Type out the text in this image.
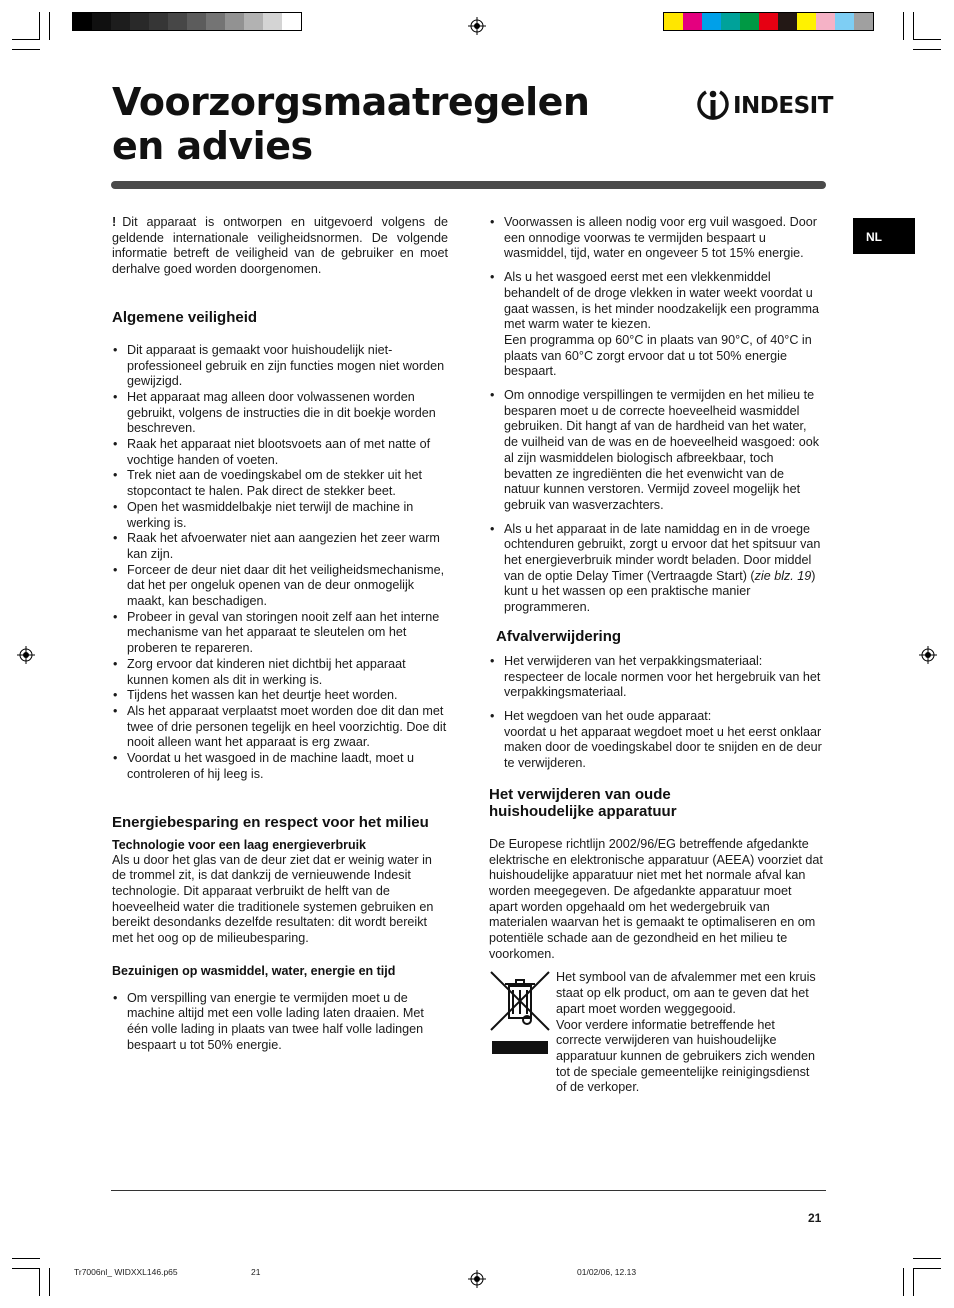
Voorzorgsmaatregelen
en advies
INDESIT
NL

! Dit apparaat is ontworpen en uitgevoerd volgens de geldende internationale veiligheidsnormen. De volgende informatie betreft de veiligheid van de gebruiker en moet derhalve goed worden doorgenomen.

Algemene veiligheid
• Dit apparaat is gemaakt voor huishoudelijk niet-professioneel gebruik en zijn functies mogen niet worden gewijzigd.
• Het apparaat mag alleen door volwassenen worden gebruikt, volgens de instructies die in dit boekje worden beschreven.
• Raak het apparaat niet blootsvoets aan of met natte of vochtige handen of voeten.
• Trek niet aan de voedingskabel om de stekker uit het stopcontact te halen. Pak direct de stekker beet.
• Open het wasmiddelbakje niet terwijl de machine in werking is.
• Raak het afvoerwater niet aan aangezien het zeer warm kan zijn.
• Forceer de deur niet daar dit het veiligheidsmechanisme, dat het per ongeluk openen van de deur onmogelijk maakt, kan beschadigen.
• Probeer in geval van storingen nooit zelf aan het interne mechanisme van het apparaat te sleutelen om het proberen te repareren.
• Zorg ervoor dat kinderen niet dichtbij het apparaat kunnen komen als dit in werking is.
• Tijdens het wassen kan het deurtje heet worden.
• Als het apparaat verplaatst moet worden doe dit dan met twee of drie personen tegelijk en heel voorzichtig. Doe dit nooit alleen want het apparaat is erg zwaar.
• Voordat u het wasgoed in de machine laadt, moet u controleren of hij leeg is.
Energiebesparing en respect voor het milieu
Technologie voor een laag energieverbruik

Als u door het glas van de deur ziet dat er weinig water in de trommel zit, is dat dankzij de vernieuwende Indesit technologie. Dit apparaat verbruikt de helft van de hoeveelheid water die traditionele systemen gebruiken en bereikt desondanks dezelfde resultaten: dit wordt bereikt met het oog op de milieubesparing.

Bezuinigen op wasmiddel, water, energie en tijd
• Om verspilling van energie te vermijden moet u de machine altijd met een volle lading laten draaien. Met één volle lading in plaats van twee half volle ladingen bespaart u tot 50% energie.
• Voorwassen is alleen nodig voor erg vuil wasgoed. Door een onnodige voorwas te vermijden bespaart u wasmiddel, tijd, water en ongeveer 5 tot 15% energie.
• Als u het wasgoed eerst met een vlekkenmiddel behandelt of de droge vlekken in water weekt voordat u gaat wassen, is het minder noodzakelijk een programma met warm water te kiezen.
Een programma op 60°C in plaats van 90°C, of 40°C in plaats van 60°C zorgt ervoor dat u tot 50% energie bespaart.
• Om onnodige verspillingen te vermijden en het milieu te besparen moet u de correcte hoeveelheid wasmiddel gebruiken. Dit hangt af van de hardheid van het water, de vuilheid van de was en de hoeveelheid wasgoed: ook al zijn wasmiddelen biologisch afbreekbaar, toch bevatten ze ingrediënten die het evenwicht van de natuur kunnen verstoren. Vermijd zoveel mogelijk het gebruik van wasverzachters.
• Als u het apparaat in de late namiddag en in de vroege ochtenduren gebruikt, zorgt u ervoor dat het spitsuur van het energieverbruik minder wordt beladen. Door middel van de optie Delay Timer (Vertraagde Start) (zie blz. 19) kunt u het wassen op een praktische manier programmeren.
Afvalverwijdering
• Het verwijderen van het verpakkingsmateriaal:
respecteer de locale normen voor het hergebruik van het verpakkingsmateriaal.
• Het wegdoen van het oude apparaat:
voordat u het apparaat wegdoet moet u het eerst onklaar maken door de voedingskabel door te snijden en de deur te verwijderen.
Het verwijderen van oude
huishoudelijke apparatuur

De Europese richtlijn 2002/96/EG betreffende afgedankte elektrische en elektronische apparatuur (AEEA) voorziet dat huishoudelijke apparatuur niet met het normale afval kan worden meegegeven. De afgedankte apparatuur moet apart worden opgehaald om het wedergebruik van materialen waarvan het is gemaakt te optimaliseren en om potentiële schade aan de gezondheid en het milieu te voorkomen.

Het symbool van de afvalemmer met een kruis staat op elk product, om aan te geven dat het apart moet worden weggegooid.

Voor verdere informatie betreffende het correcte verwijderen van huishoudelijke apparatuur kunnen de gebruikers zich wenden tot de speciale gemeentelijke reinigingsdienst of de verkoper.

21
Tr7006nl_ WIDXXL146.p65	21	01/02/06, 12.13
